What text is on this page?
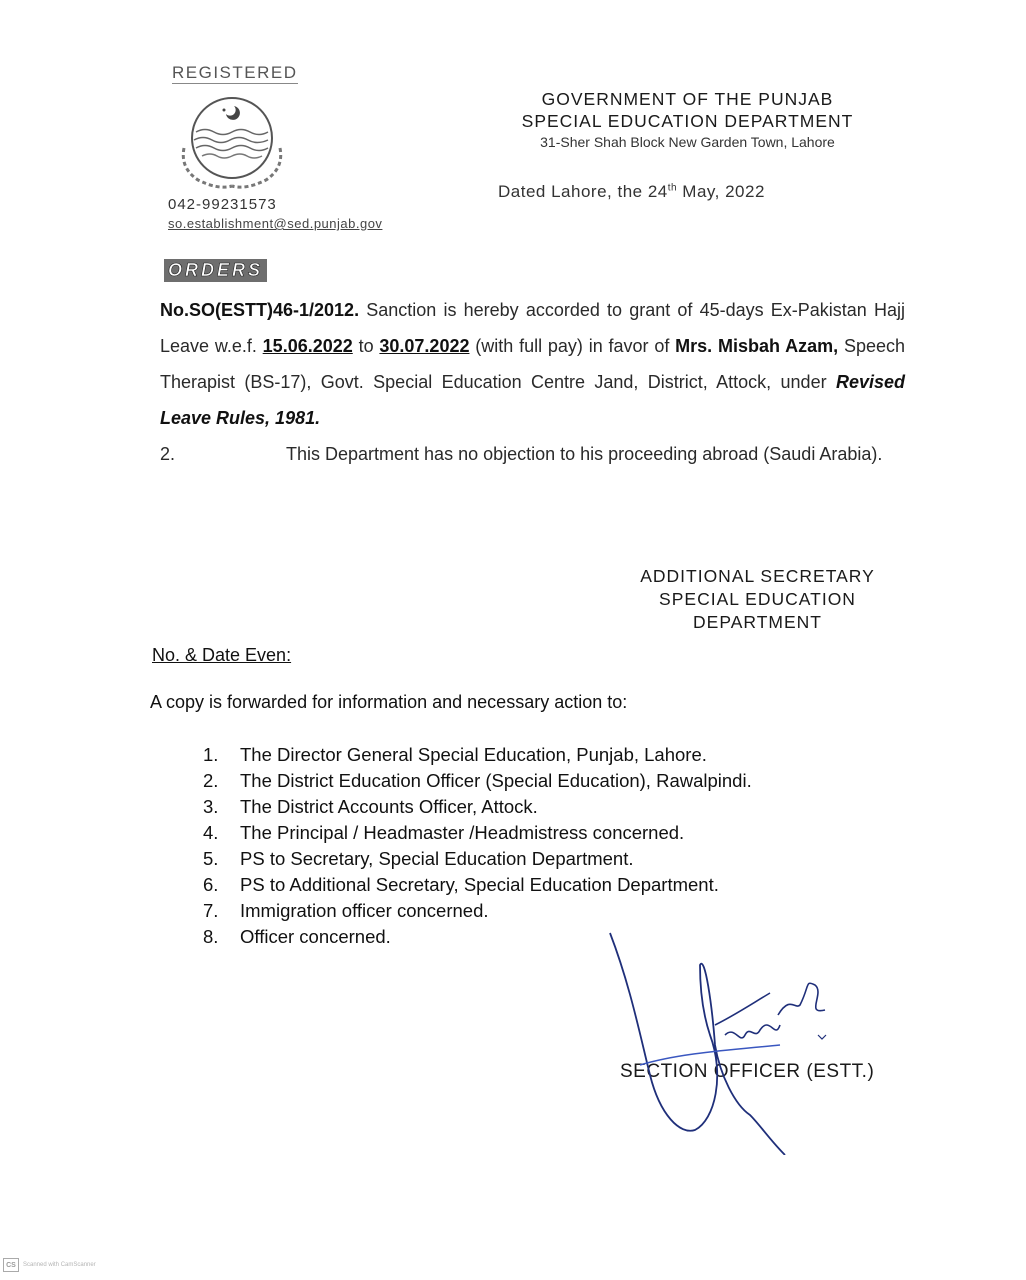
REGISTERED
042-99231573
so.establishment@sed.punjab.gov
GOVERNMENT OF THE PUNJAB
SPECIAL EDUCATION DEPARTMENT
31-Sher Shah Block New Garden Town, Lahore
Dated Lahore, the 24th May, 2022
ORDERS
No.SO(ESTT)46-1/2012. Sanction is hereby accorded to grant of 45-days Ex-Pakistan Hajj Leave w.e.f. 15.06.2022 to 30.07.2022 (with full pay) in favor of Mrs. Misbah Azam, Speech Therapist (BS-17), Govt. Special Education Centre Jand, District, Attock, under Revised Leave Rules, 1981.
2.	This Department has no objection to his proceeding abroad (Saudi Arabia).
ADDITIONAL SECRETARY
SPECIAL EDUCATION
DEPARTMENT
No. & Date Even:
A copy is forwarded for information and necessary action to:
1.	The Director General Special Education, Punjab, Lahore.
2.	The District Education Officer (Special Education), Rawalpindi.
3.	The District Accounts Officer, Attock.
4.	The Principal / Headmaster /Headmistress concerned.
5.	PS to Secretary, Special Education Department.
6.	PS to Additional Secretary, Special Education Department.
7.	Immigration officer concerned.
8.	Officer concerned.
SECTION OFFICER (ESTT.)
CS	Scanned with CamScanner
